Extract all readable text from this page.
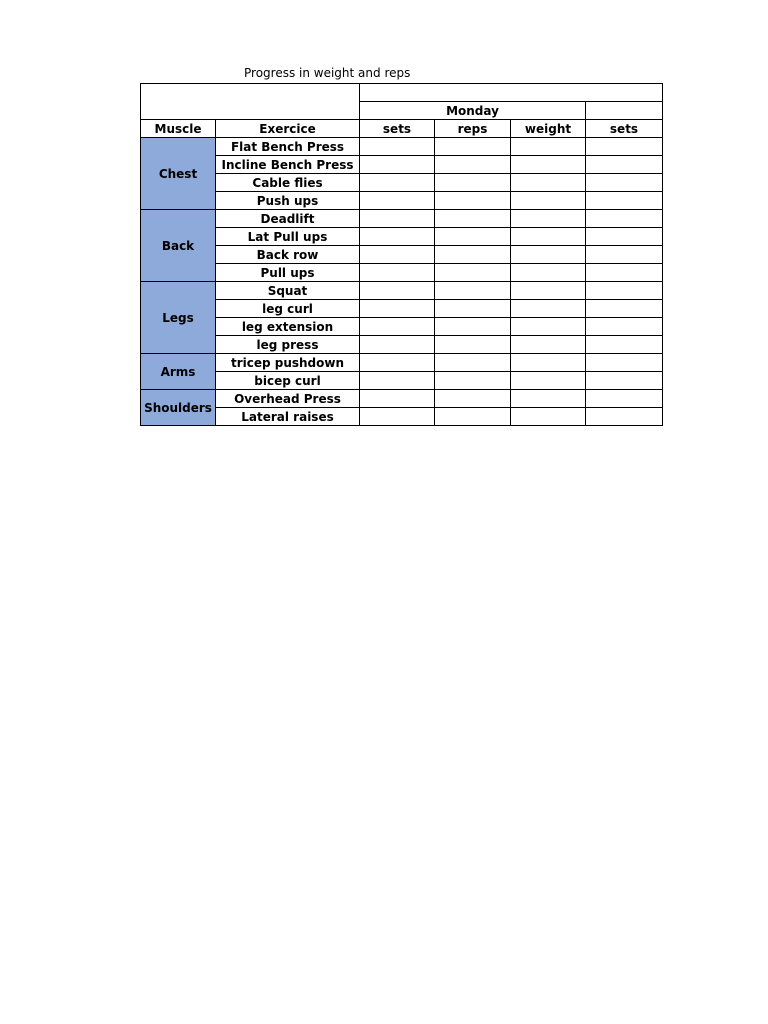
Progress in weight and reps

		Monday			
Muscle	Exercice	sets	reps	weight	sets
Chest	Flat Bench Press				
	Incline Bench Press				
	Cable flies				
	Push ups				
Back	Deadlift				
	Lat Pull ups				
	Back row				
	Pull ups				
Legs	Squat				
	leg curl				
	leg extension				
	leg press				
Arms	tricep pushdown				
	bicep curl				
Shoulders	Overhead Press				
	Lateral raises				
